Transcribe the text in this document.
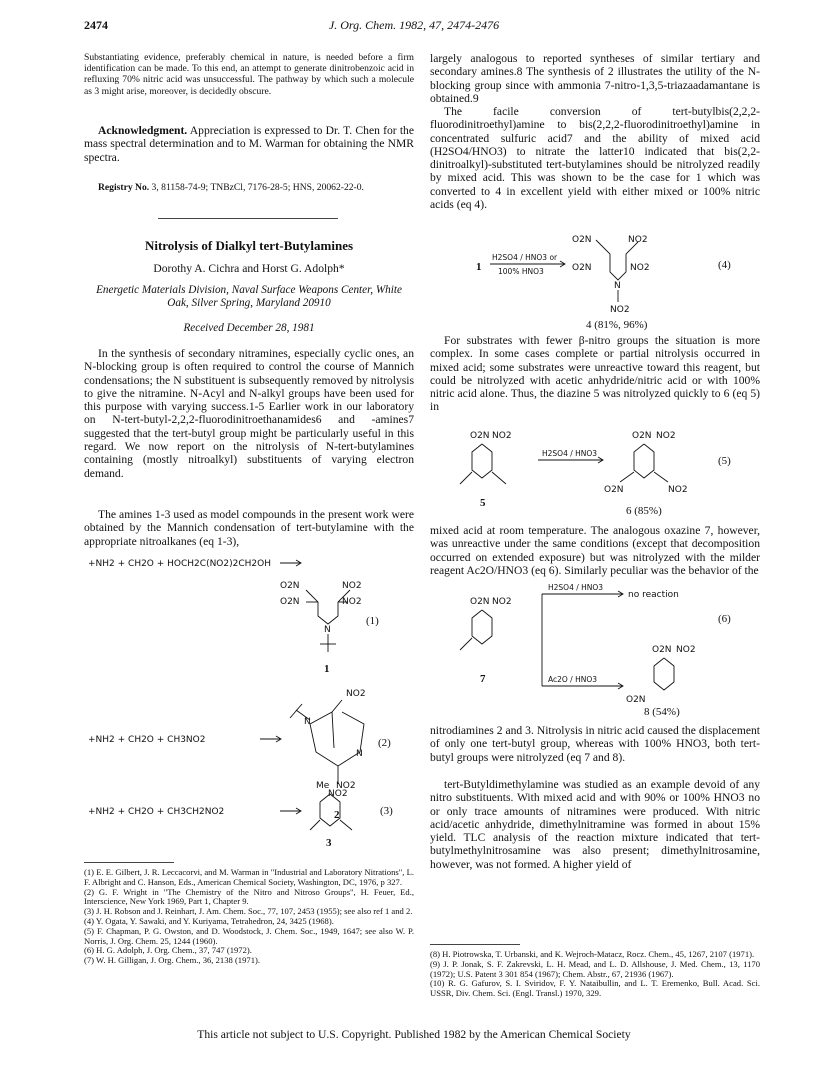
2474	J. Org. Chem. 1982, 47, 2474-2476
Substantiating evidence, preferably chemical in nature, is needed before a firm identification can be made. To this end, an attempt to generate dinitrobenzoic acid in refluxing 70% nitric acid was unsuccessful. The pathway by which such a molecule as 3 might arise, moreover, is decidedly obscure.

Acknowledgment. Appreciation is expressed to Dr. T. Chen for the mass spectral determination and to M. Warman for obtaining the NMR spectra.

Registry No. 3, 81158-74-9; TNBzCl, 7176-28-5; HNS, 20062-22-0.

Nitrolysis of Dialkyl tert-Butylamines
Dorothy A. Cichra and Horst G. Adolph*
Energetic Materials Division, Naval Surface Weapons Center, White Oak, Silver Spring, Maryland 20910
Received December 28, 1981

In the synthesis of secondary nitramines, especially cyclic ones, an N-blocking group is often required to control the course of Mannich condensations; the N substituent is subsequently removed by nitrolysis to give the nitramine. N-Acyl and N-alkyl groups have been used for this purpose with varying success.1-5 Earlier work in our laboratory on N-tert-butyl-2,2,2-fluorodinitroethanamides6 and -amines7 suggested that the tert-butyl group might be particularly useful in this regard. We now report on the nitrolysis of N-tert-butylamines containing (mostly nitroalkyl) substituents of varying electron demand.

The amines 1-3 used as model compounds in the present work were obtained by the Mannich condensation of tert-butylamine with the appropriate nitroalkanes (eq 1-3),

+NH2 + CH2O + HOCH2C(NO2)2CH2OH
O2N	NO2
O2N	NO2
N
(1)
1
+NH2 + CH2O + CH3NO2
NO2
N
N
NO2
(2)
2
+NH2 + CH2O + CH3CH2NO2
Me NO2
(3)
3

(1) E. E. Gilbert, J. R. Leccacorvi, and M. Warman in "Industrial and Laboratory Nitrations", L. F. Albright and C. Hanson, Eds., American Chemical Society, Washington, DC, 1976, p 327.

(2) G. F. Wright in "The Chemistry of the Nitro and Nitroso Groups", H. Feuer, Ed., Interscience, New York 1969, Part 1, Chapter 9.

(3) J. H. Robson and J. Reinhart, J. Am. Chem. Soc., 77, 107, 2453 (1955); see also ref 1 and 2.

(4) Y. Ogata, Y. Sawaki, and Y. Kuriyama, Tetrahedron, 24, 3425 (1968).

(5) F. Chapman, P. G. Owston, and D. Woodstock, J. Chem. Soc., 1949, 1647; see also W. P. Norris, J. Org. Chem. 25, 1244 (1960).

(6) H. G. Adolph, J. Org. Chem., 37, 747 (1972).

(7) W. H. Gilligan, J. Org. Chem., 36, 2138 (1971).

largely analogous to reported syntheses of similar tertiary and secondary amines.8 The synthesis of 2 illustrates the utility of the N-blocking group since with ammonia 7-nitro-1,3,5-triazaadamantane is obtained.9

The facile conversion of tert-butylbis(2,2,2-fluorodinitroethyl)amine to bis(2,2,2-fluorodinitroethyl)amine in concentrated sulfuric acid7 and the ability of mixed acid (H2SO4/HNO3) to nitrate the latter10 indicated that bis(2,2-dinitroalkyl)-substituted tert-butylamines should be nitrolyzed readily by mixed acid. This was shown to be the case for 1 which was converted to 4 in excellent yield with either mixed or 100% nitric acids (eq 4).

1
H2SO4 / HNO3 or
100% HNO3
O2N	NO2
O2N	NO2
N
NO2
(4)
4 (81%, 96%)

For substrates with fewer β-nitro groups the situation is more complex. In some cases complete or partial nitrolysis occurred in mixed acid; some substrates were unreactive toward this reagent, but could be nitrolyzed with acetic anhydride/nitric acid or with 100% nitric acid alone. Thus, the diazine 5 was nitrolyzed quickly to 6 (eq 5) in

O2N NO2
5
H2SO4 / HNO3
O2N NO2
O2N	NO2
6 (85%)
(5)

mixed acid at room temperature. The analogous oxazine 7, however, was unreactive under the same conditions (except that decomposition occurred on extended exposure) but was nitrolyzed with the milder reagent Ac2O/HNO3 (eq 6). Similarly peculiar was the behavior of the

O2N NO2
7
H2SO4 / HNO3
no reaction
Ac2O / HNO3
O2N NO2
O2N
(6)
8 (54%)

nitrodiamines 2 and 3. Nitrolysis in nitric acid caused the displacement of only one tert-butyl group, whereas with 100% HNO3, both tert-butyl groups were nitrolyzed (eq 7 and 8).

tert-Butyldimethylamine was studied as an example devoid of any nitro substituents. With mixed acid and with 90% or 100% HNO3 no or only trace amounts of nitramines were produced. With nitric acid/acetic anhydride, dimethylnitramine was formed in about 15% yield. TLC analysis of the reaction mixture indicated that tert-butylmethylnitrosamine was also present; dimethylnitrosamine, however, was not formed. A higher yield of

(8) H. Piotrowska, T. Urbanski, and K. Wejroch-Matacz, Rocz. Chem., 45, 1267, 2107 (1971).

(9) J. P. Jonak, S. F. Zakrevski, L. H. Mead, and L. D. Allshouse, J. Med. Chem., 13, 1170 (1972); U.S. Patent 3 301 854 (1967); Chem. Abstr., 67, 21936 (1967).

(10) R. G. Gafurov, S. I. Sviridov, F. Y. Nataibullin, and L. T. Eremenko, Bull. Acad. Sci. USSR, Div. Chem. Sci. (Engl. Transl.) 1970, 329.

This article not subject to U.S. Copyright. Published 1982 by the American Chemical Society
